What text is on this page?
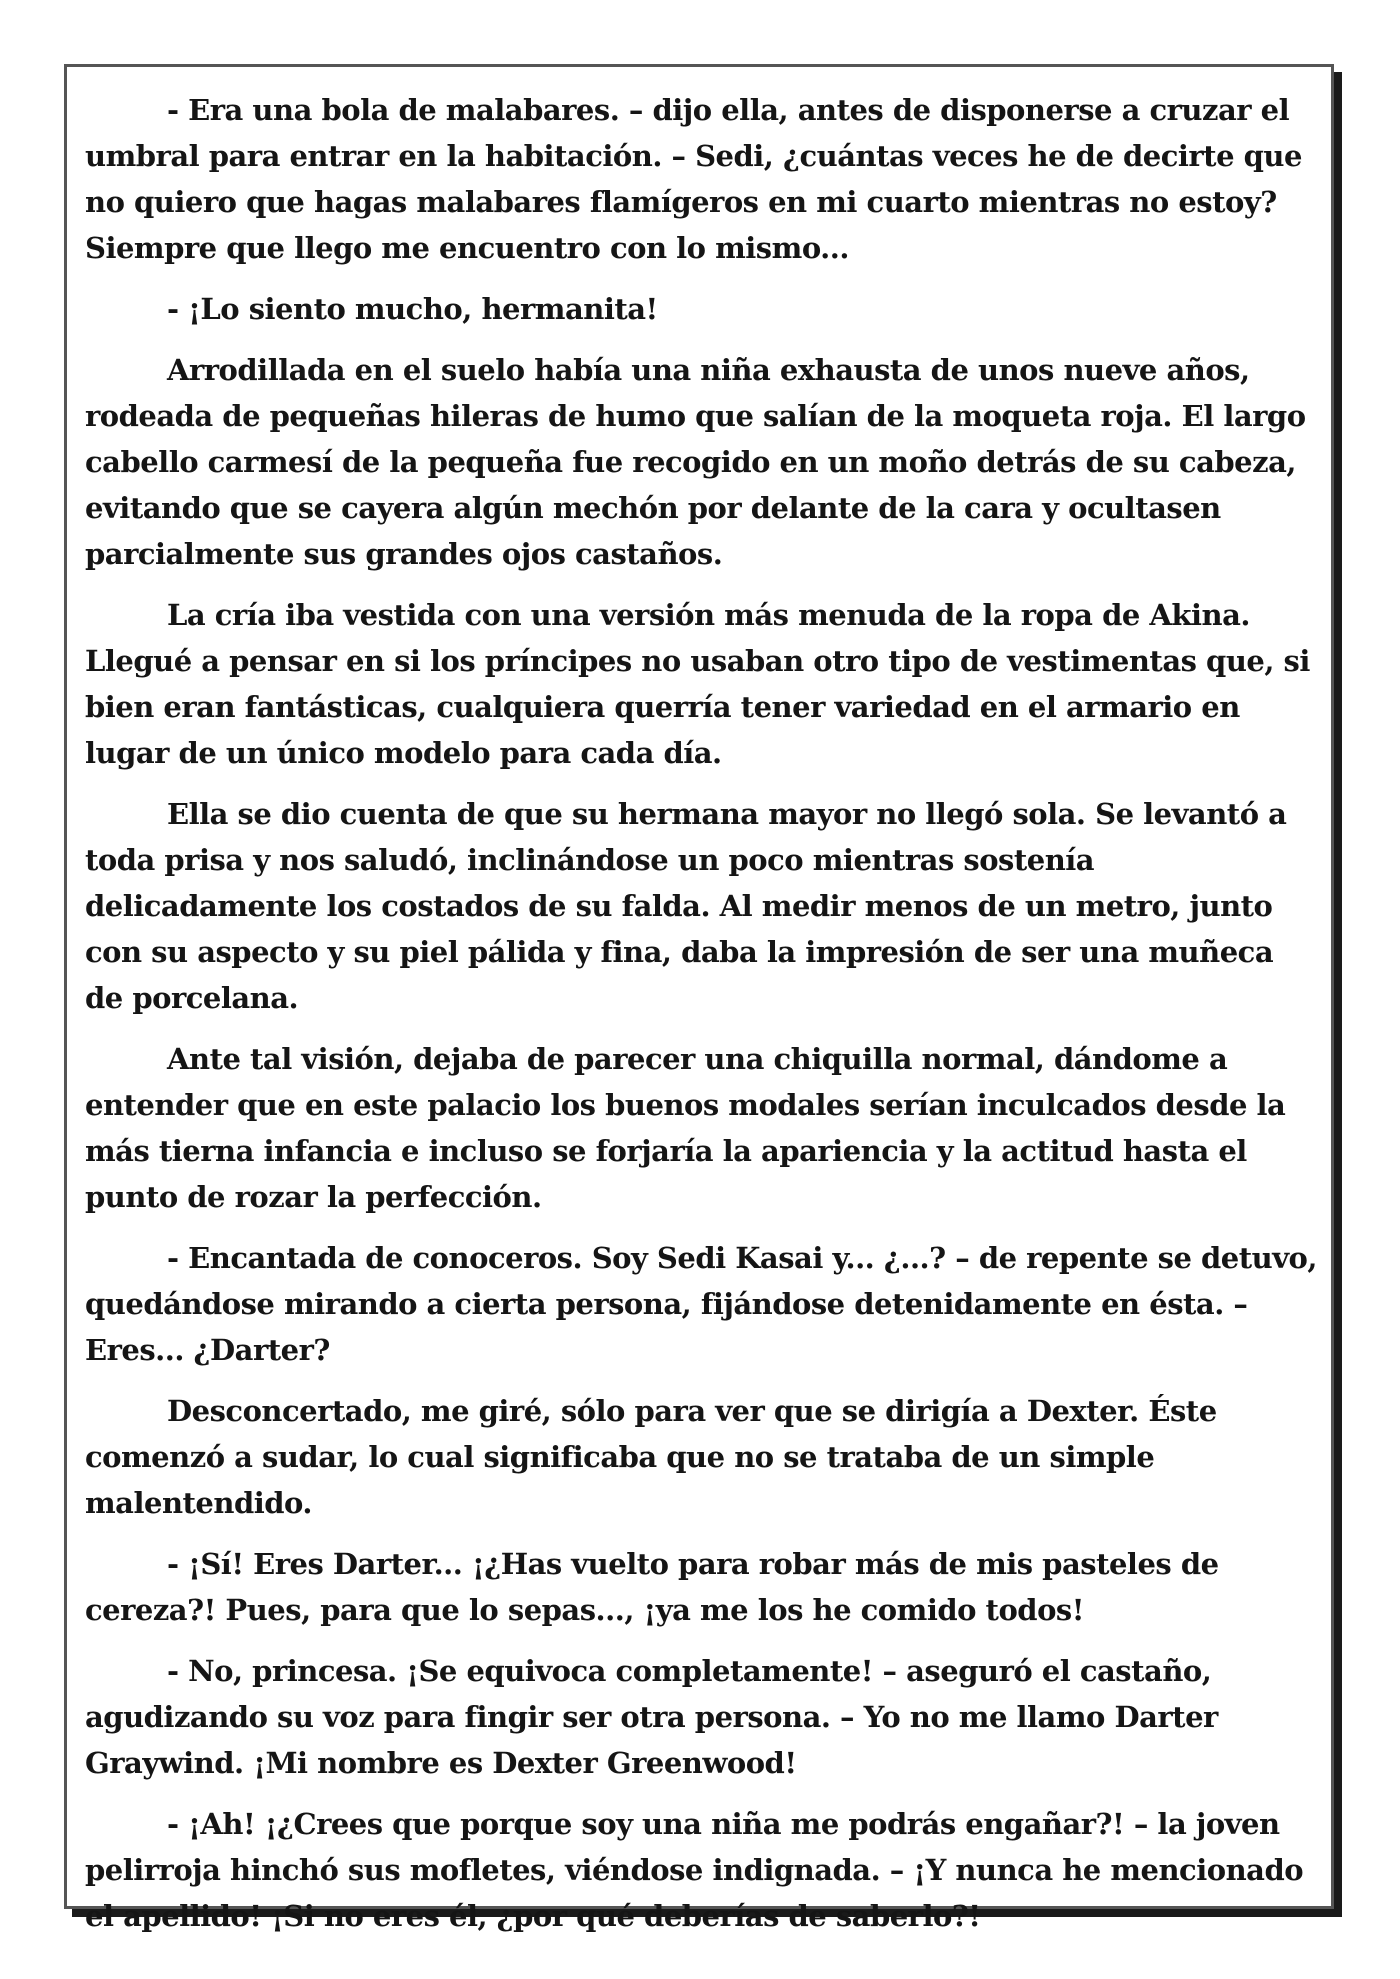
- Era una bola de malabares. – dijo ella, antes de disponerse a cruzar el umbral para entrar en la habitación. – Sedi, ¿cuántas veces he de decirte que no quiero que hagas malabares flamígeros en mi cuarto mientras no estoy? Siempre que llego me encuentro con lo mismo...

- ¡Lo siento mucho, hermanita!

Arrodillada en el suelo había una niña exhausta de unos nueve años, rodeada de pequeñas hileras de humo que salían de la moqueta roja. El largo cabello carmesí de la pequeña fue recogido en un moño detrás de su cabeza, evitando que se cayera algún mechón por delante de la cara y ocultasen parcialmente sus grandes ojos castaños.

La cría iba vestida con una versión más menuda de la ropa de Akina. Llegué a pensar en si los príncipes no usaban otro tipo de vestimentas que, si bien eran fantásticas, cualquiera querría tener variedad en el armario en lugar de un único modelo para cada día.

Ella se dio cuenta de que su hermana mayor no llegó sola. Se levantó a toda prisa y nos saludó, inclinándose un poco mientras sostenía delicadamente los costados de su falda. Al medir menos de un metro, junto con su aspecto y su piel pálida y fina, daba la impresión de ser una muñeca de porcelana.

Ante tal visión, dejaba de parecer una chiquilla normal, dándome a entender que en este palacio los buenos modales serían inculcados desde la más tierna infancia e incluso se forjaría la apariencia y la actitud hasta el punto de rozar la perfección.

- Encantada de conoceros. Soy Sedi Kasai y... ¿...? – de repente se detuvo, quedándose mirando a cierta persona, fijándose detenidamente en ésta. – Eres... ¿Darter?

Desconcertado, me giré, sólo para ver que se dirigía a Dexter. Éste comenzó a sudar, lo cual significaba que no se trataba de un simple malentendido.

- ¡Sí! Eres Darter... ¡¿Has vuelto para robar más de mis pasteles de cereza?! Pues, para que lo sepas..., ¡ya me los he comido todos!

- No, princesa. ¡Se equivoca completamente! – aseguró el castaño, agudizando su voz para fingir ser otra persona. – Yo no me llamo Darter Graywind. ¡Mi nombre es Dexter Greenwood!

- ¡Ah! ¡¿Crees que porque soy una niña me podrás engañar?! – la joven pelirroja hinchó sus mofletes, viéndose indignada. – ¡Y nunca he mencionado el apellido! ¡Si no eres él, ¿por qué deberías de saberlo?!
